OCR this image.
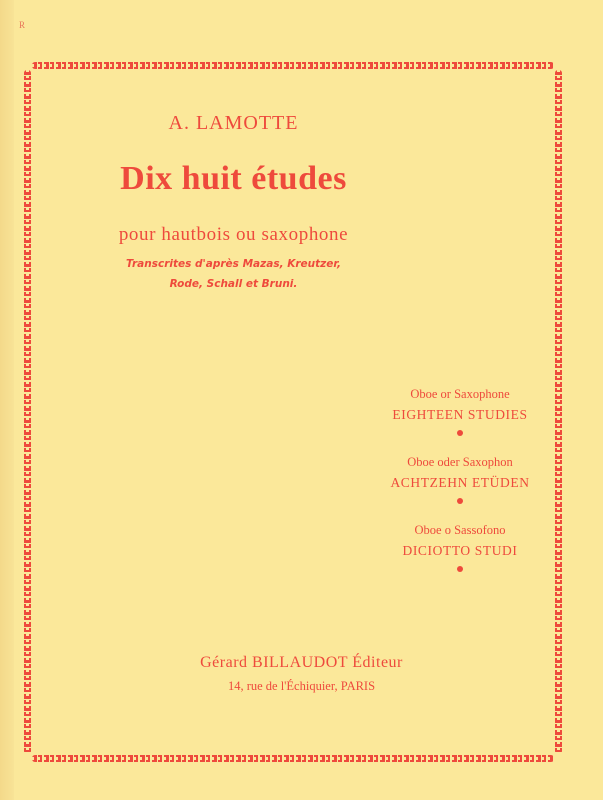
R
A. LAMOTTE
Dix huit études
pour hautbois ou saxophone
Transcrites d'après Mazas, Kreutzer,
Rode, Schall et Bruni.
Oboe or Saxophone
EIGHTEEN STUDIES
Oboe oder Saxophon
ACHTZEHN ETÜDEN
Oboe o Sassofono
DICIOTTO STUDI
Gérard BILLAUDOT Éditeur
14, rue de l'Échiquier, PARIS
